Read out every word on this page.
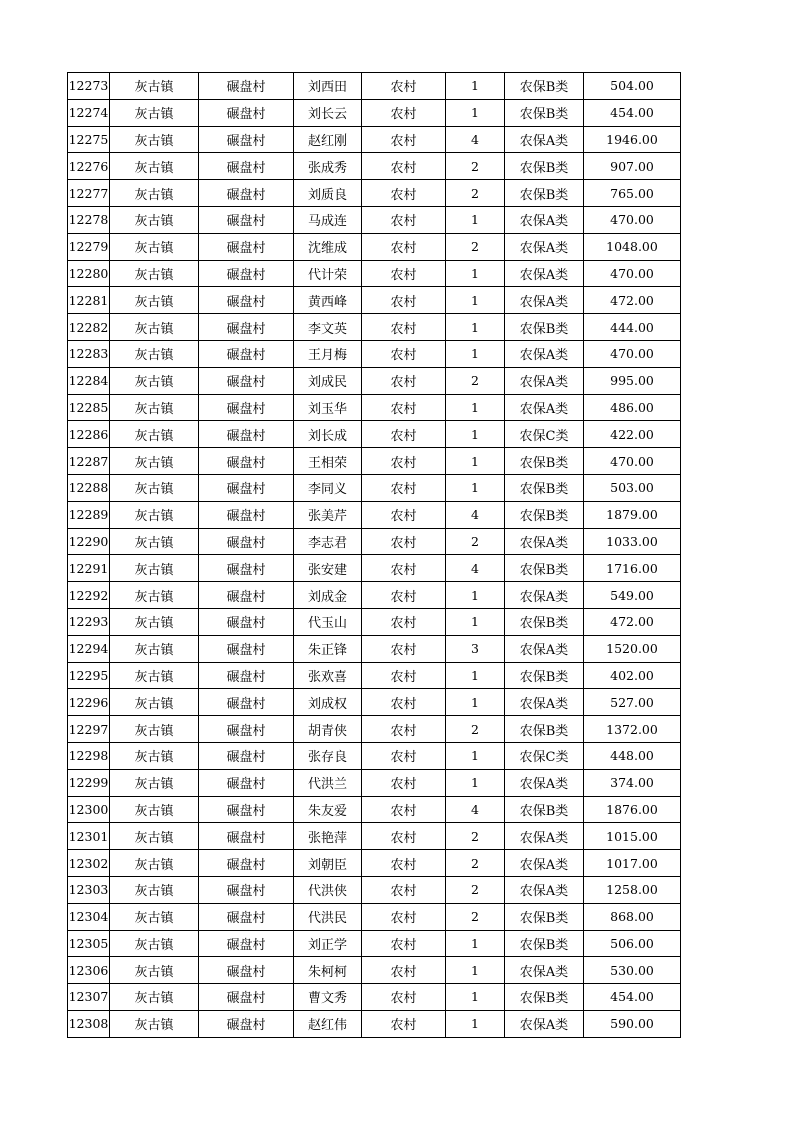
12273	灰古镇	碾盘村	刘西田	农村	1	农保B类	504.00
12274	灰古镇	碾盘村	刘长云	农村	1	农保B类	454.00
12275	灰古镇	碾盘村	赵红刚	农村	4	农保A类	1946.00
12276	灰古镇	碾盘村	张成秀	农村	2	农保B类	907.00
12277	灰古镇	碾盘村	刘质良	农村	2	农保B类	765.00
12278	灰古镇	碾盘村	马成连	农村	1	农保A类	470.00
12279	灰古镇	碾盘村	沈维成	农村	2	农保A类	1048.00
12280	灰古镇	碾盘村	代计荣	农村	1	农保A类	470.00
12281	灰古镇	碾盘村	黄西峰	农村	1	农保A类	472.00
12282	灰古镇	碾盘村	李文英	农村	1	农保B类	444.00
12283	灰古镇	碾盘村	王月梅	农村	1	农保A类	470.00
12284	灰古镇	碾盘村	刘成民	农村	2	农保A类	995.00
12285	灰古镇	碾盘村	刘玉华	农村	1	农保A类	486.00
12286	灰古镇	碾盘村	刘长成	农村	1	农保C类	422.00
12287	灰古镇	碾盘村	王相荣	农村	1	农保B类	470.00
12288	灰古镇	碾盘村	李同义	农村	1	农保B类	503.00
12289	灰古镇	碾盘村	张美芹	农村	4	农保B类	1879.00
12290	灰古镇	碾盘村	李志君	农村	2	农保A类	1033.00
12291	灰古镇	碾盘村	张安建	农村	4	农保B类	1716.00
12292	灰古镇	碾盘村	刘成金	农村	1	农保A类	549.00
12293	灰古镇	碾盘村	代玉山	农村	1	农保B类	472.00
12294	灰古镇	碾盘村	朱正锋	农村	3	农保A类	1520.00
12295	灰古镇	碾盘村	张欢喜	农村	1	农保B类	402.00
12296	灰古镇	碾盘村	刘成权	农村	1	农保A类	527.00
12297	灰古镇	碾盘村	胡青侠	农村	2	农保B类	1372.00
12298	灰古镇	碾盘村	张存良	农村	1	农保C类	448.00
12299	灰古镇	碾盘村	代洪兰	农村	1	农保A类	374.00
12300	灰古镇	碾盘村	朱友爱	农村	4	农保B类	1876.00
12301	灰古镇	碾盘村	张艳萍	农村	2	农保A类	1015.00
12302	灰古镇	碾盘村	刘朝臣	农村	2	农保A类	1017.00
12303	灰古镇	碾盘村	代洪侠	农村	2	农保A类	1258.00
12304	灰古镇	碾盘村	代洪民	农村	2	农保B类	868.00
12305	灰古镇	碾盘村	刘正学	农村	1	农保B类	506.00
12306	灰古镇	碾盘村	朱柯柯	农村	1	农保A类	530.00
12307	灰古镇	碾盘村	曹文秀	农村	1	农保B类	454.00
12308	灰古镇	碾盘村	赵红伟	农村	1	农保A类	590.00
